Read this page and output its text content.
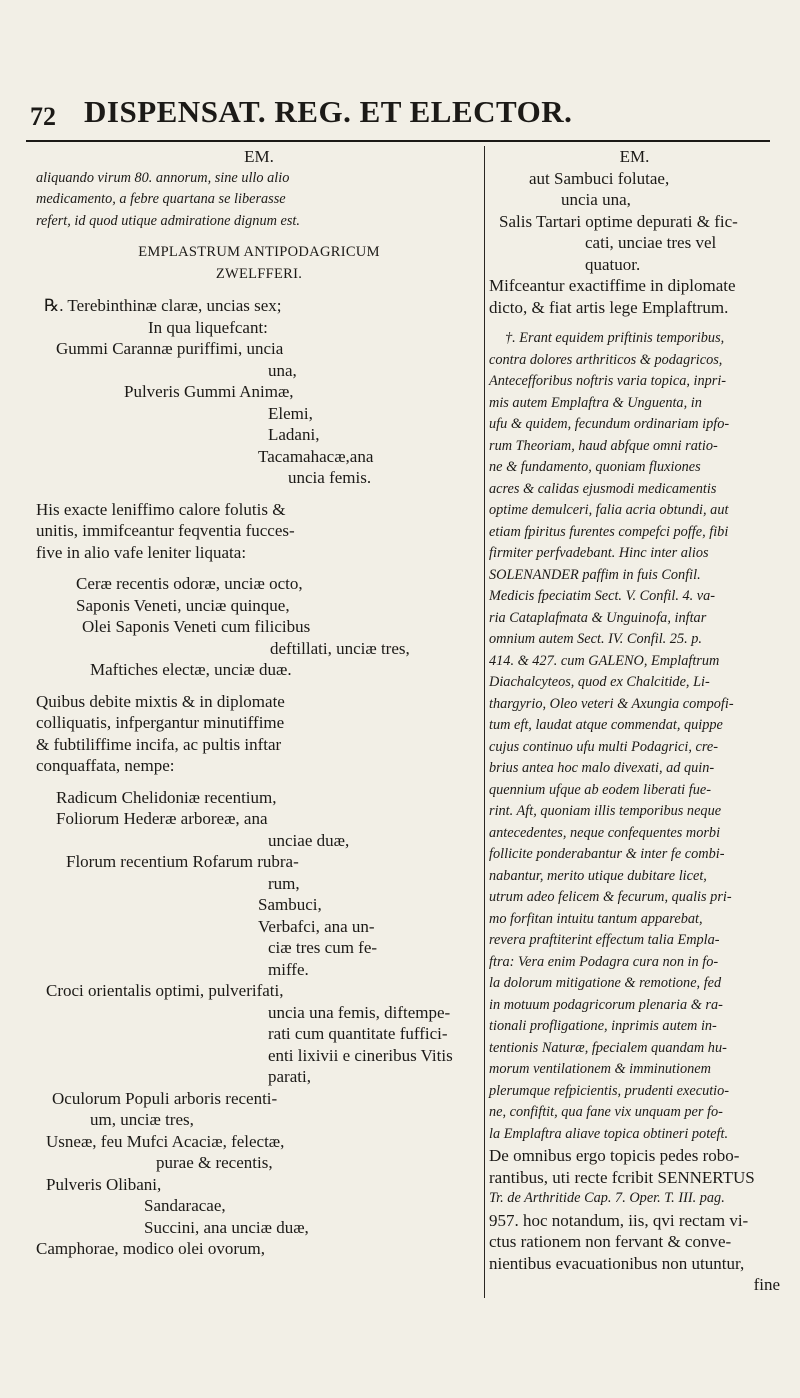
72 DISPENSAT. REG. ET ELECTOR.
EM.
aliquando virum 80. annorum, sine ullo alio
medicamento, a febre quartana se liberasse
refert, id quod utique admiratione dignum est.
EMPLASTRUM ANTIPODAGRICUM
ZWELFFERI.
℞. Terebinthinæ claræ, uncias sex;
In qua liquefcant:
Gummi Carannæ puriffimi, uncia
una,
Pulveris Gummi Animæ,
Elemi,
Ladani,
Tacamahacæ,ana
uncia femis.
His exacte leniffimo calore folutis &
unitis, immifceantur feqventia fucces-
five in alio vafe leniter liquata:
Ceræ recentis odoræ, unciæ octo,
Saponis Veneti, unciæ quinque,
Olei Saponis Veneti cum filicibus
deftillati, unciæ tres,
Maftiches electæ, unciæ duæ.
Quibus debite mixtis & in diplomate
colliquatis, infpergantur minutiffime
& fubtiliffime incifa, ac pultis inftar
conquaffata, nempe:
Radicum Chelidoniæ recentium,
Foliorum Hederæ arboreæ, ana
unciae duæ,
Florum recentium Rofarum rubra-
rum,
Sambuci,
Verbafci, ana un-
ciæ tres cum fe-
miffe.
Croci orientalis optimi, pulverifati,
uncia una femis, diftempe-
rati cum quantitate fuffici-
enti lixivii e cineribus Vitis
parati,
Oculorum Populi arboris recenti-
um, unciæ tres,
Usneæ, feu Mufci Acaciæ, felectæ,
purae & recentis,
Pulveris Olibani,
Sandaracae,
Succini, ana unciæ duæ,
Camphorae, modico olei ovorum,
EM.
aut Sambuci folutae,
uncia una,
Salis Tartari optime depurati & fic-
cati, unciae tres vel
quatuor.
Mifceantur exactiffime in diplomate
dicto, & fiat artis lege Emplaftrum.
†. Erant equidem priftinis temporibus,
contra dolores arthriticos & podagricos,
Antecefforibus noftris varia topica, inpri-
mis autem Emplaftra & Unguenta, in
ufu & quidem, fecundum ordinariam ipfo-
rum Theoriam, haud abfque omni ratio-
ne & fundamento, quoniam fluxiones
acres & calidas ejusmodi medicamentis
optime demulceri, falia acria obtundi, aut
etiam fpiritus furentes compefci poffe, fibi
firmiter perfvadebant. Hinc inter alios
SOLENANDER paffim in fuis Confil.
Medicis fpeciatim Sect. V. Confil. 4. va-
ria Cataplafmata & Unguinofa, inftar
omnium autem Sect. IV. Confil. 25. p.
414. & 427. cum GALENO, Emplaftrum
Diachalcyteos, quod ex Chalcitide, Li-
thargyrio, Oleo veteri & Axungia compofi-
tum eft, laudat atque commendat, quippe
cujus continuo ufu multi Podagrici, cre-
brius antea hoc malo divexati, ad quin-
quennium ufque ab eodem liberati fue-
rint. Aft, quoniam illis temporibus neque
antecedentes, neque confequentes morbi
follicite ponderabantur & inter fe combi-
nabantur, merito utique dubitare licet,
utrum adeo felicem & fecurum, qualis pri-
mo forfitan intuitu tantum apparebat,
revera praftiterint effectum talia Empla-
ftra: Vera enim Podagra cura non in fo-
la dolorum mitigatione & remotione, fed
in motuum podagricorum plenaria & ra-
tionali profligatione, inprimis autem in-
tentionis Naturæ, fpecialem quandam hu-
morum ventilationem & imminutionem
plerumque refpicientis, prudenti executio-
ne, confiftit, qua fane vix unquam per fo-
la Emplaftra aliave topica obtineri poteft.
De omnibus ergo topicis pedes robo-
rantibus, uti recte fcribit SENNERTUS
Tr. de Arthritide Cap. 7. Oper. T. III. pag.
957. hoc notandum, iis, qvi rectam vi-
ctus rationem non fervant & conve-
nientibus evacuationibus non utuntur,
fine
